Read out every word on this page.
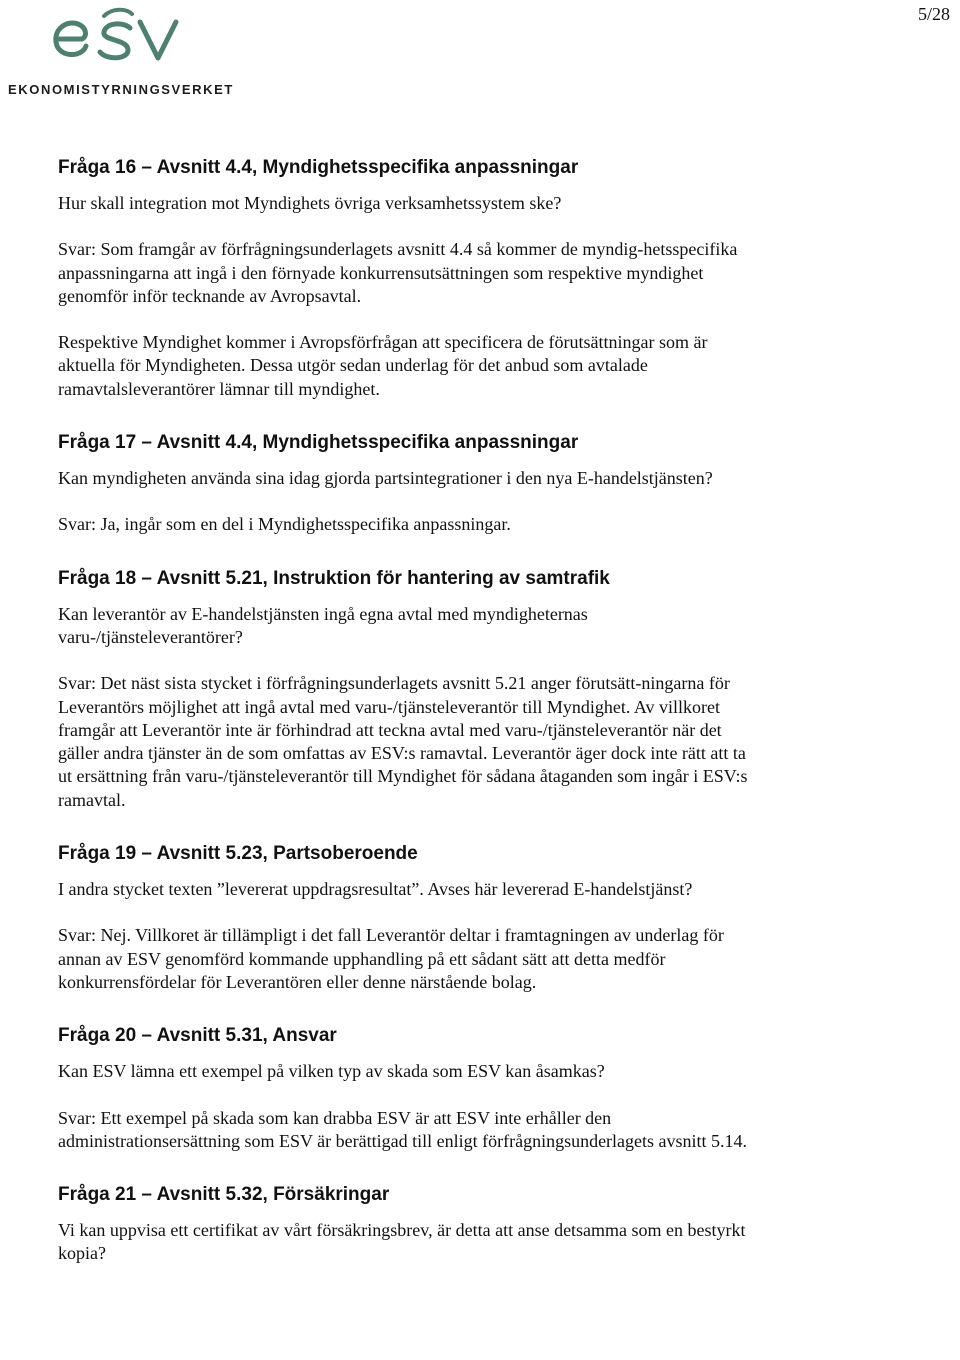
5/28
EKONOMISTYRNINGSVERKET
Fråga 16 – Avsnitt 4.4, Myndighetsspecifika anpassningar

Hur skall integration mot Myndighets övriga verksamhetssystem ske?

Svar: Som framgår av förfrågningsunderlagets avsnitt 4.4 så kommer de myndig-hetsspecifika anpassningarna att ingå i den förnyade konkurrensutsättningen som respektive myndighet genomför inför tecknande av Avropsavtal.

Respektive Myndighet kommer i Avropsförfrågan att specificera de förutsättningar som är aktuella för Myndigheten. Dessa utgör sedan underlag för det anbud som avtalade ramavtalsleverantörer lämnar till myndighet.

Fråga 17 – Avsnitt 4.4, Myndighetsspecifika anpassningar

Kan myndigheten använda sina idag gjorda partsintegrationer i den nya E-handelstjänsten?

Svar: Ja, ingår som en del i Myndighetsspecifika anpassningar.

Fråga 18 – Avsnitt 5.21, Instruktion för hantering av samtrafik

Kan leverantör av E-handelstjänsten ingå egna avtal med myndigheternas varu-/tjänsteleverantörer?

Svar: Det näst sista stycket i förfrågningsunderlagets avsnitt 5.21 anger förutsätt-ningarna för Leverantörs möjlighet att ingå avtal med varu-/tjänsteleverantör till Myndighet. Av villkoret framgår att Leverantör inte är förhindrad att teckna avtal med varu-/tjänsteleverantör när det gäller andra tjänster än de som omfattas av ESV:s ramavtal. Leverantör äger dock inte rätt att ta ut ersättning från varu-/tjänsteleverantör till Myndighet för sådana åtaganden som ingår i ESV:s ramavtal.

Fråga 19 – Avsnitt 5.23, Partsoberoende

I andra stycket texten ”levererat uppdragsresultat”. Avses här levererad E-handelstjänst?

Svar: Nej. Villkoret är tillämpligt i det fall Leverantör deltar i framtagningen av underlag för annan av ESV genomförd kommande upphandling på ett sådant sätt att detta medför konkurrensfördelar för Leverantören eller denne närstående bolag.

Fråga 20 – Avsnitt 5.31, Ansvar

Kan ESV lämna ett exempel på vilken typ av skada som ESV kan åsamkas?

Svar: Ett exempel på skada som kan drabba ESV är att ESV inte erhåller den administrationsersättning som ESV är berättigad till enligt förfrågningsunderlagets avsnitt 5.14.

Fråga 21 – Avsnitt 5.32, Försäkringar

Vi kan uppvisa ett certifikat av vårt försäkringsbrev, är detta att anse detsamma som en bestyrkt kopia?
